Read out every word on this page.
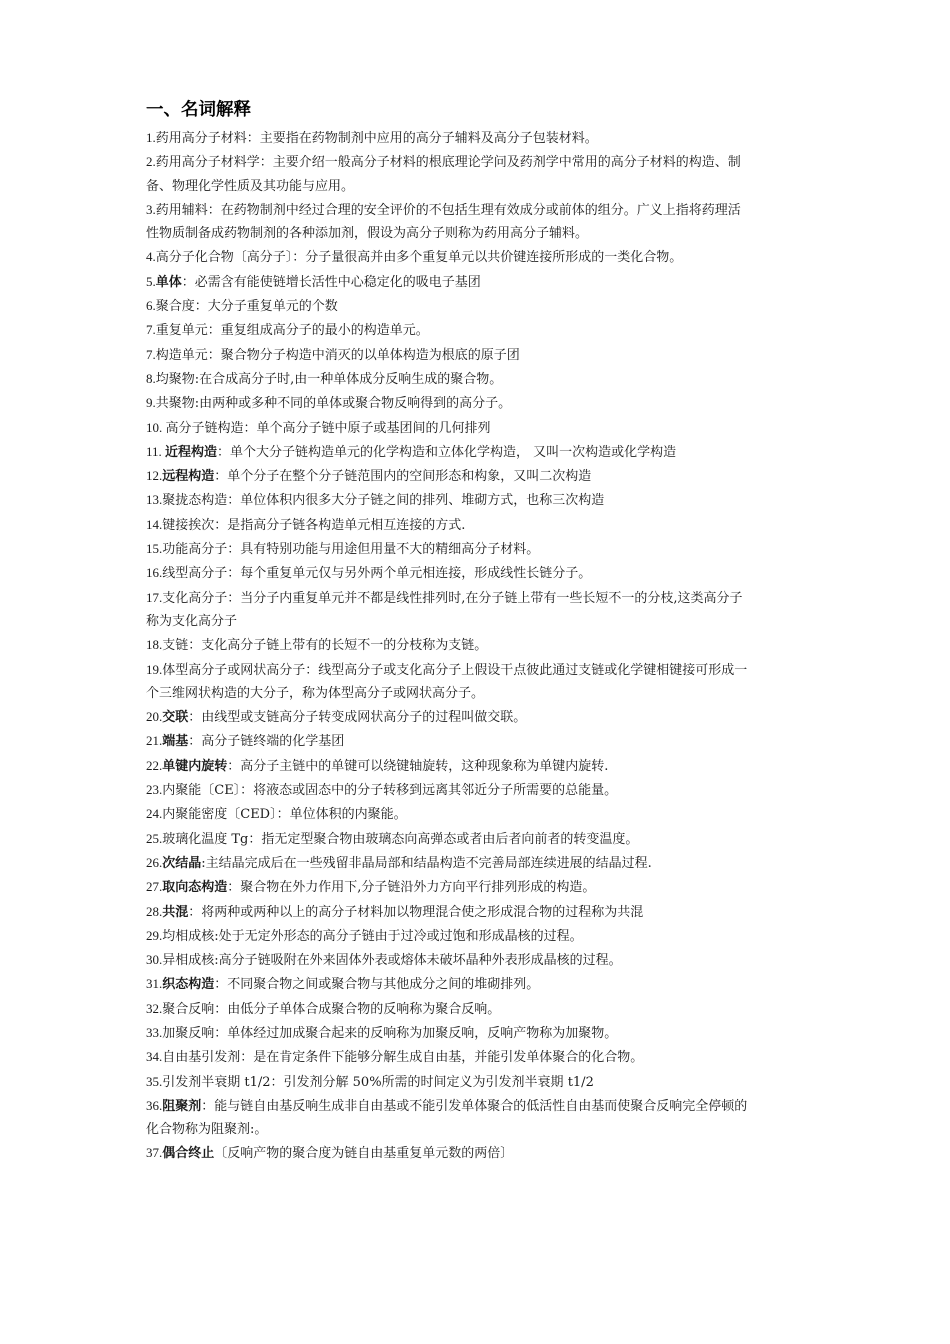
一、名词解释
1.药用高分子材料：主要指在药物制剂中应用的高分子辅料及高分子包装材料。
2.药用高分子材料学：主要介绍一般高分子材料的根底理论学问及药剂学中常用的高分子材料的构造、制
备、物理化学性质及其功能与应用。
3.药用辅料：在药物制剂中经过合理的安全评价的不包括生理有效成分或前体的组分。广义上指将药理活
性物质制备成药物制剂的各种添加剂，假设为高分子则称为药用高分子辅料。
4.高分子化合物〔高分子〕：分子量很高并由多个重复单元以共价键连接所形成的一类化合物。
5.单体：必需含有能使链增长活性中心稳定化的吸电子基团
6.聚合度：大分子重复单元的个数
7.重复单元：重复组成高分子的最小的构造单元。
7.构造单元：聚合物分子构造中消灭的以单体构造为根底的原子团
8.均聚物:在合成高分子时,由一种单体成分反响生成的聚合物。
9.共聚物:由两种或多种不同的单体或聚合物反响得到的高分子。
10. 高分子链构造：单个高分子链中原子或基团间的几何排列
11. 近程构造：单个大分子链构造单元的化学构造和立体化学构造， 又叫一次构造或化学构造
12.远程构造：单个分子在整个分子链范围内的空间形态和构象，又叫二次构造
13.聚拢态构造：单位体积内很多大分子链之间的排列、堆砌方式，也称三次构造
14.键接挨次：是指高分子链各构造单元相互连接的方式.
15.功能高分子：具有特别功能与用途但用量不大的精细高分子材料。
16.线型高分子：每个重复单元仅与另外两个单元相连接，形成线性长链分子。
17.支化高分子：当分子内重复单元并不都是线性排列时,在分子链上带有一些长短不一的分枝,这类高分子
称为支化高分子
18.支链：支化高分子链上带有的长短不一的分枝称为支链。
19.体型高分子或网状高分子：线型高分子或支化高分子上假设干点彼此通过支链或化学键相键接可形成一
个三维网状构造的大分子，称为体型高分子或网状高分子。
20.交联：由线型或支链高分子转变成网状高分子的过程叫做交联。
21.端基：高分子链终端的化学基团
22.单键内旋转：高分子主链中的单键可以绕键轴旋转，这种现象称为单键内旋转.
23.内聚能〔CE〕：将液态或固态中的分子转移到远离其邻近分子所需要的总能量。
24.内聚能密度〔CED〕：单位体积的内聚能。
25.玻璃化温度 Tg：指无定型聚合物由玻璃态向高弹态或者由后者向前者的转变温度。
26.次结晶:主结晶完成后在一些残留非晶局部和结晶构造不完善局部连续进展的结晶过程.
27.取向态构造：聚合物在外力作用下,分子链沿外力方向平行排列形成的构造。
28.共混：将两种或两种以上的高分子材料加以物理混合使之形成混合物的过程称为共混
29.均相成核:处于无定外形态的高分子链由于过冷或过饱和形成晶核的过程。
30.异相成核:高分子链吸附在外来固体外表或熔体未破坏晶种外表形成晶核的过程。
31.织态构造：不同聚合物之间或聚合物与其他成分之间的堆砌排列。
32.聚合反响：由低分子单体合成聚合物的反响称为聚合反响。
33.加聚反响：单体经过加成聚合起来的反响称为加聚反响，反响产物称为加聚物。
34.自由基引发剂：是在肯定条件下能够分解生成自由基，并能引发单体聚合的化合物。
35.引发剂半衰期 t1/2：引发剂分解 50%所需的时间定义为引发剂半衰期 t1/2
36.阻聚剂：能与链自由基反响生成非自由基或不能引发单体聚合的低活性自由基而使聚合反响完全停顿的
化合物称为阻聚剂:。
37.偶合终止〔反响产物的聚合度为链自由基重复单元数的两倍〕
